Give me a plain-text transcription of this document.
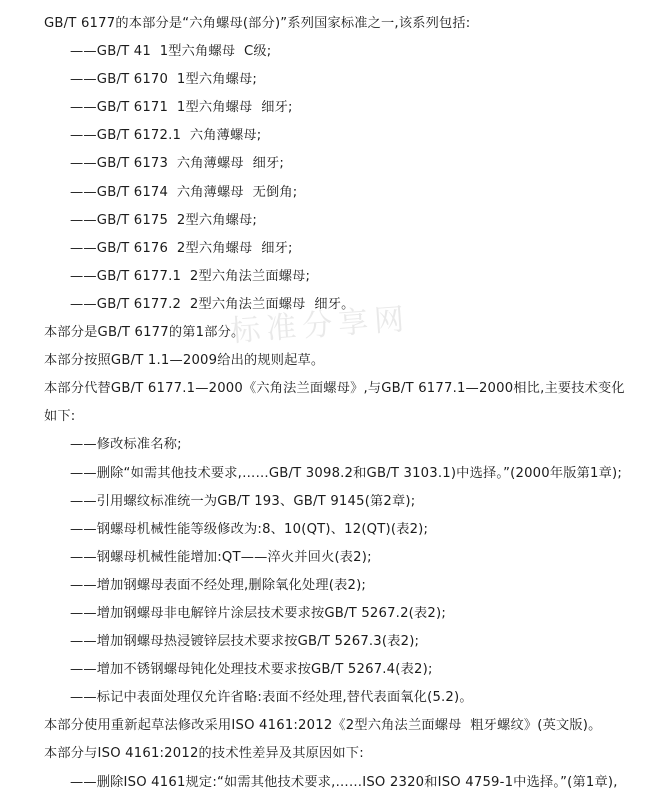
标准分享网
GB/T 6177的本部分是“六角螺母(部分)”系列国家标准之一,该系列包括:
——GB/T 41  1型六角螺母  C级;
——GB/T 6170  1型六角螺母;
——GB/T 6171  1型六角螺母  细牙;
——GB/T 6172.1  六角薄螺母;
——GB/T 6173  六角薄螺母  细牙;
——GB/T 6174  六角薄螺母  无倒角;
——GB/T 6175  2型六角螺母;
——GB/T 6176  2型六角螺母  细牙;
——GB/T 6177.1  2型六角法兰面螺母;
——GB/T 6177.2  2型六角法兰面螺母  细牙。
本部分是GB/T 6177的第1部分。
本部分按照GB/T 1.1—2009给出的规则起草。
本部分代替GB/T 6177.1—2000《六角法兰面螺母》,与GB/T 6177.1—2000相比,主要技术变化
如下:
——修改标准名称;
——删除“如需其他技术要求,……GB/T 3098.2和GB/T 3103.1)中选择。”(2000年版第1章);
——引用螺纹标准统一为GB/T 193、GB/T 9145(第2章);
——钢螺母机械性能等级修改为:8、10(QT)、12(QT)(表2);
——钢螺母机械性能增加:QT——淬火并回火(表2);
——增加钢螺母表面不经处理,删除氧化处理(表2);
——增加钢螺母非电解锌片涂层技术要求按GB/T 5267.2(表2);
——增加钢螺母热浸镀锌层技术要求按GB/T 5267.3(表2);
——增加不锈钢螺母钝化处理技术要求按GB/T 5267.4(表2);
——标记中表面处理仅允许省略:表面不经处理,替代表面氧化(5.2)。
本部分使用重新起草法修改采用ISO 4161:2012《2型六角法兰面螺母  粗牙螺纹》(英文版)。
本部分与ISO 4161:2012的技术性差异及其原因如下:
——删除ISO 4161规定:“如需其他技术要求,……ISO 2320和ISO 4759-1中选择。”(第1章),
